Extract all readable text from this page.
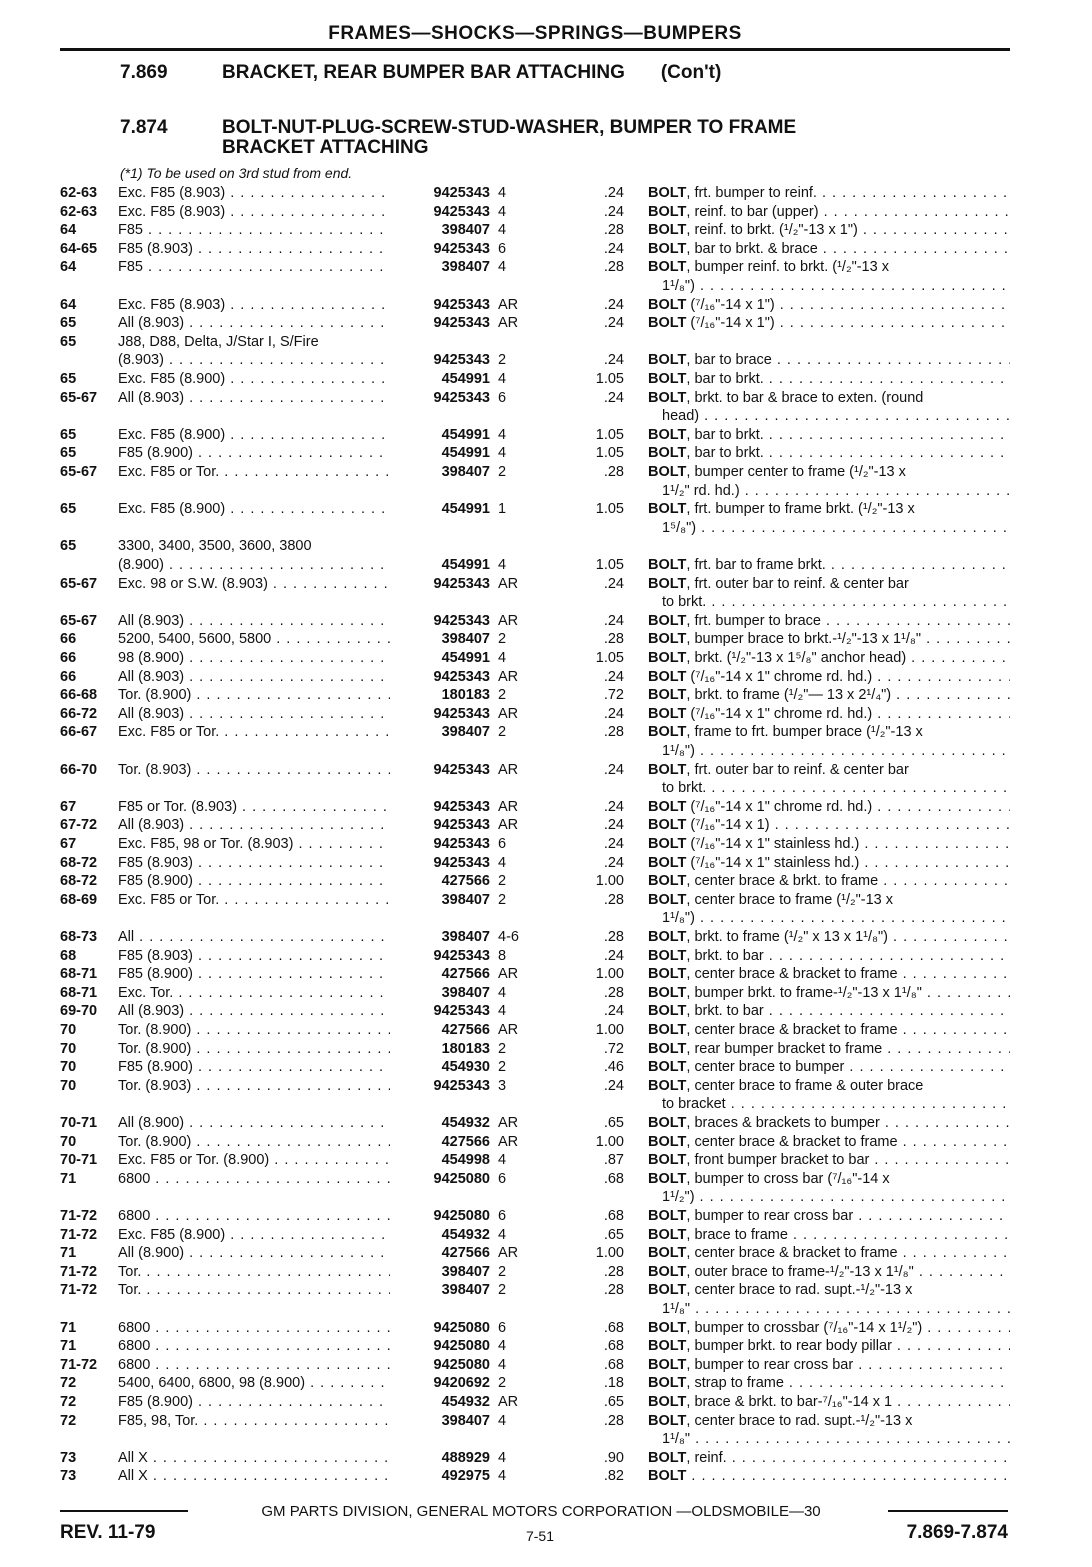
FRAMES—SHOCKS—SPRINGS—BUMPERS
7.869	BRACKET, REAR BUMPER BAR ATTACHING (Con't)
7.874	BOLT-NUT-PLUG-SCREW-STUD-WASHER, BUMPER TO FRAME
BRACKET ATTACHING
(*1) To be used on 3rd stud from end.
62-63 Exc. F85 (8.903) . . .	9425343 4	.24 BOLT, frt. bumper to reinf. . . .
62-63 Exc. F85 (8.903) . . .	9425343 4	.24 BOLT, reinf. to bar (upper) . . .
64	F85 . . .	398407 4	.28 BOLT, reinf. to brkt. (¹/₂"-13 x 1") . . .
64-65 F85 (8.903) . . .	9425343 6	.24 BOLT, bar to brkt. & brace . . .
64	F85 . . .	398407 4	.28 BOLT, bumper reinf. to brkt. (¹/₂"-13 x
1¹/₈") . . .
64	Exc. F85 (8.903) . . .	9425343 AR	.24 BOLT (⁷/₁₆"-14 x 1") . . .
65	All (8.903) . . .	9425343 AR	.24 BOLT (⁷/₁₆"-14 x 1") . . .
65	J88, D88, Delta, J/Star I, S/Fire
(8.903) . . .	9425343 2	.24 BOLT, bar to brace . . .
65	Exc. F85 (8.900) . . .	454991 4	1.05 BOLT, bar to brkt. . . .
65-67 All (8.903) . . .	9425343 6	.24 BOLT, brkt. to bar & brace to exten. (round
head) . . .
65	Exc. F85 (8.900) . . .	454991 4	1.05 BOLT, bar to brkt. . . .
65	F85 (8.900) . . .	454991 4	1.05 BOLT, bar to brkt. . . .
65-67 Exc. F85 or Tor. . . .	398407 2	.28 BOLT, bumper center to frame (¹/₂"-13 x
1¹/₂" rd. hd.) . . .
65	Exc. F85 (8.900) . . .	454991 1	1.05 BOLT, frt. bumper to frame brkt. (¹/₂"-13 x
1⁵/₈") . . .
65	3300, 3400, 3500, 3600, 3800
(8.900) . . .	454991 4	1.05 BOLT, frt. bar to frame brkt. . . .
65-67 Exc. 98 or S.W. (8.903) . . .	9425343 AR	.24 BOLT, frt. outer bar to reinf. & center bar
to brkt. . . .
65-67 All (8.903) . . .	9425343 AR	.24 BOLT, frt. bumper to brace . . .
66	5200, 5400, 5600, 5800 . . .	398407 2	.28 BOLT, bumper brace to brkt.-¹/₂"-13 x 1¹/₈" . . .
66	98 (8.900) . . .	454991 4	1.05 BOLT, brkt. (¹/₂"-13 x 1⁵/₈" anchor head) . . .
66	All (8.903) . . .	9425343 AR	.24 BOLT (⁷/₁₆"-14 x 1" chrome rd. hd.) . . .
66-68 Tor. (8.900) . . .	180183 2	.72 BOLT, brkt. to frame (¹/₂"— 13 x 2¹/₄") . . .
66-72 All (8.903) . . .	9425343 AR	.24 BOLT (⁷/₁₆"-14 x 1" chrome rd. hd.) . . .
66-67 Exc. F85 or Tor. . . .	398407 2	.28 BOLT, frame to frt. bumper brace (¹/₂"-13 x
1¹/₈") . . .
66-70 Tor. (8.903) . . .	9425343 AR	.24 BOLT, frt. outer bar to reinf. & center bar
to brkt. . . .
67	F85 or Tor. (8.903) . . .	9425343 AR	.24 BOLT (⁷/₁₆"-14 x 1" chrome rd. hd.) . . .
67-72 All (8.903) . . .	9425343 AR	.24 BOLT (⁷/₁₆"-14 x 1) . . .
67	Exc. F85, 98 or Tor. (8.903) . . .	9425343 6	.24 BOLT (⁷/₁₆"-14 x 1" stainless hd.) . . .
68-72 F85 (8.903) . . .	9425343 4	.24 BOLT (⁷/₁₆"-14 x 1" stainless hd.) . . .
68-72 F85 (8.900) . . .	427566 2	1.00 BOLT, center brace & brkt. to frame . . .
68-69 Exc. F85 or Tor. . . .	398407 2	.28 BOLT, center brace to frame (¹/₂"-13 x
1¹/₈") . . .
68-73 All . . .	398407 4-6	.28 BOLT, brkt. to frame (¹/₂" x 13 x 1¹/₈") . . .
68	F85 (8.903) . . .	9425343 8	.24 BOLT, brkt. to bar . . .
68-71 F85 (8.900) . . .	427566 AR	1.00 BOLT, center brace & bracket to frame . . .
68-71 Exc. Tor. . . .	398407 4	.28 BOLT, bumper brkt. to frame-¹/₂"-13 x 1¹/₈" . . .
69-70 All (8.903) . . .	9425343 4	.24 BOLT, brkt. to bar . . .
70	Tor. (8.900) . . .	427566 AR	1.00 BOLT, center brace & bracket to frame . . .
70	Tor. (8.900) . . .	180183 2	.72 BOLT, rear bumper bracket to frame . . .
70	F85 (8.900) . . .	454930 2	.46 BOLT, center brace to bumper . . .
70	Tor. (8.903) . . .	9425343 3	.24 BOLT, center brace to frame & outer brace
to bracket . . .
70-71 All (8.900) . . .	454932 AR	.65 BOLT, braces & brackets to bumper . . .
70	Tor. (8.900) . . .	427566 AR	1.00 BOLT, center brace & bracket to frame . . .
70-71 Exc. F85 or Tor. (8.900) . . .	454998 4	.87 BOLT, front bumper bracket to bar . . .
71	6800 . . .	9425080 6	.68 BOLT, bumper to cross bar (⁷/₁₆"-14 x
1¹/₂") . . .
71-72 6800 . . .	9425080 6	.68 BOLT, bumper to rear cross bar . . .
71-72 Exc. F85 (8.900) . . .	454932 4	.65 BOLT, brace to frame . . .
71	All (8.900) . . .	427566 AR	1.00 BOLT, center brace & bracket to frame . . .
71-72 Tor. . . .	398407 2	.28 BOLT, outer brace to frame-¹/₂"-13 x 1¹/₈" . . .
71-72 Tor. . . .	398407 2	.28 BOLT, center brace to rad. supt.-¹/₂"-13 x
1¹/₈" . . .
71	6800 . . .	9425080 6	.68 BOLT, bumper to crossbar (⁷/₁₆"-14 x 1¹/₂") . . .
71	6800 . . .	9425080 4	.68 BOLT, bumper brkt. to rear body pillar . . .
71-72 6800 . . .	9425080 4	.68 BOLT, bumper to rear cross bar . . .
72	5400, 6400, 6800, 98 (8.900) . . .	9420692 2	.18 BOLT, strap to frame . . .
72	F85 (8.900) . . .	454932 AR	.65 BOLT, brace & brkt. to bar-⁷/₁₆"-14 x 1 . . .
72	F85, 98, Tor. . . .	398407 4	.28 BOLT, center brace to rad. supt.-¹/₂"-13 x
1¹/₈" . . .
73	All X . . .	488929 4	.90 BOLT, reinf. . . .
73	All X . . .	492975 4	.82 BOLT . . .
GM PARTS DIVISION, GENERAL MOTORS CORPORATION —OLDSMOBILE—30
REV. 11-79	7-51	7.869-7.874
